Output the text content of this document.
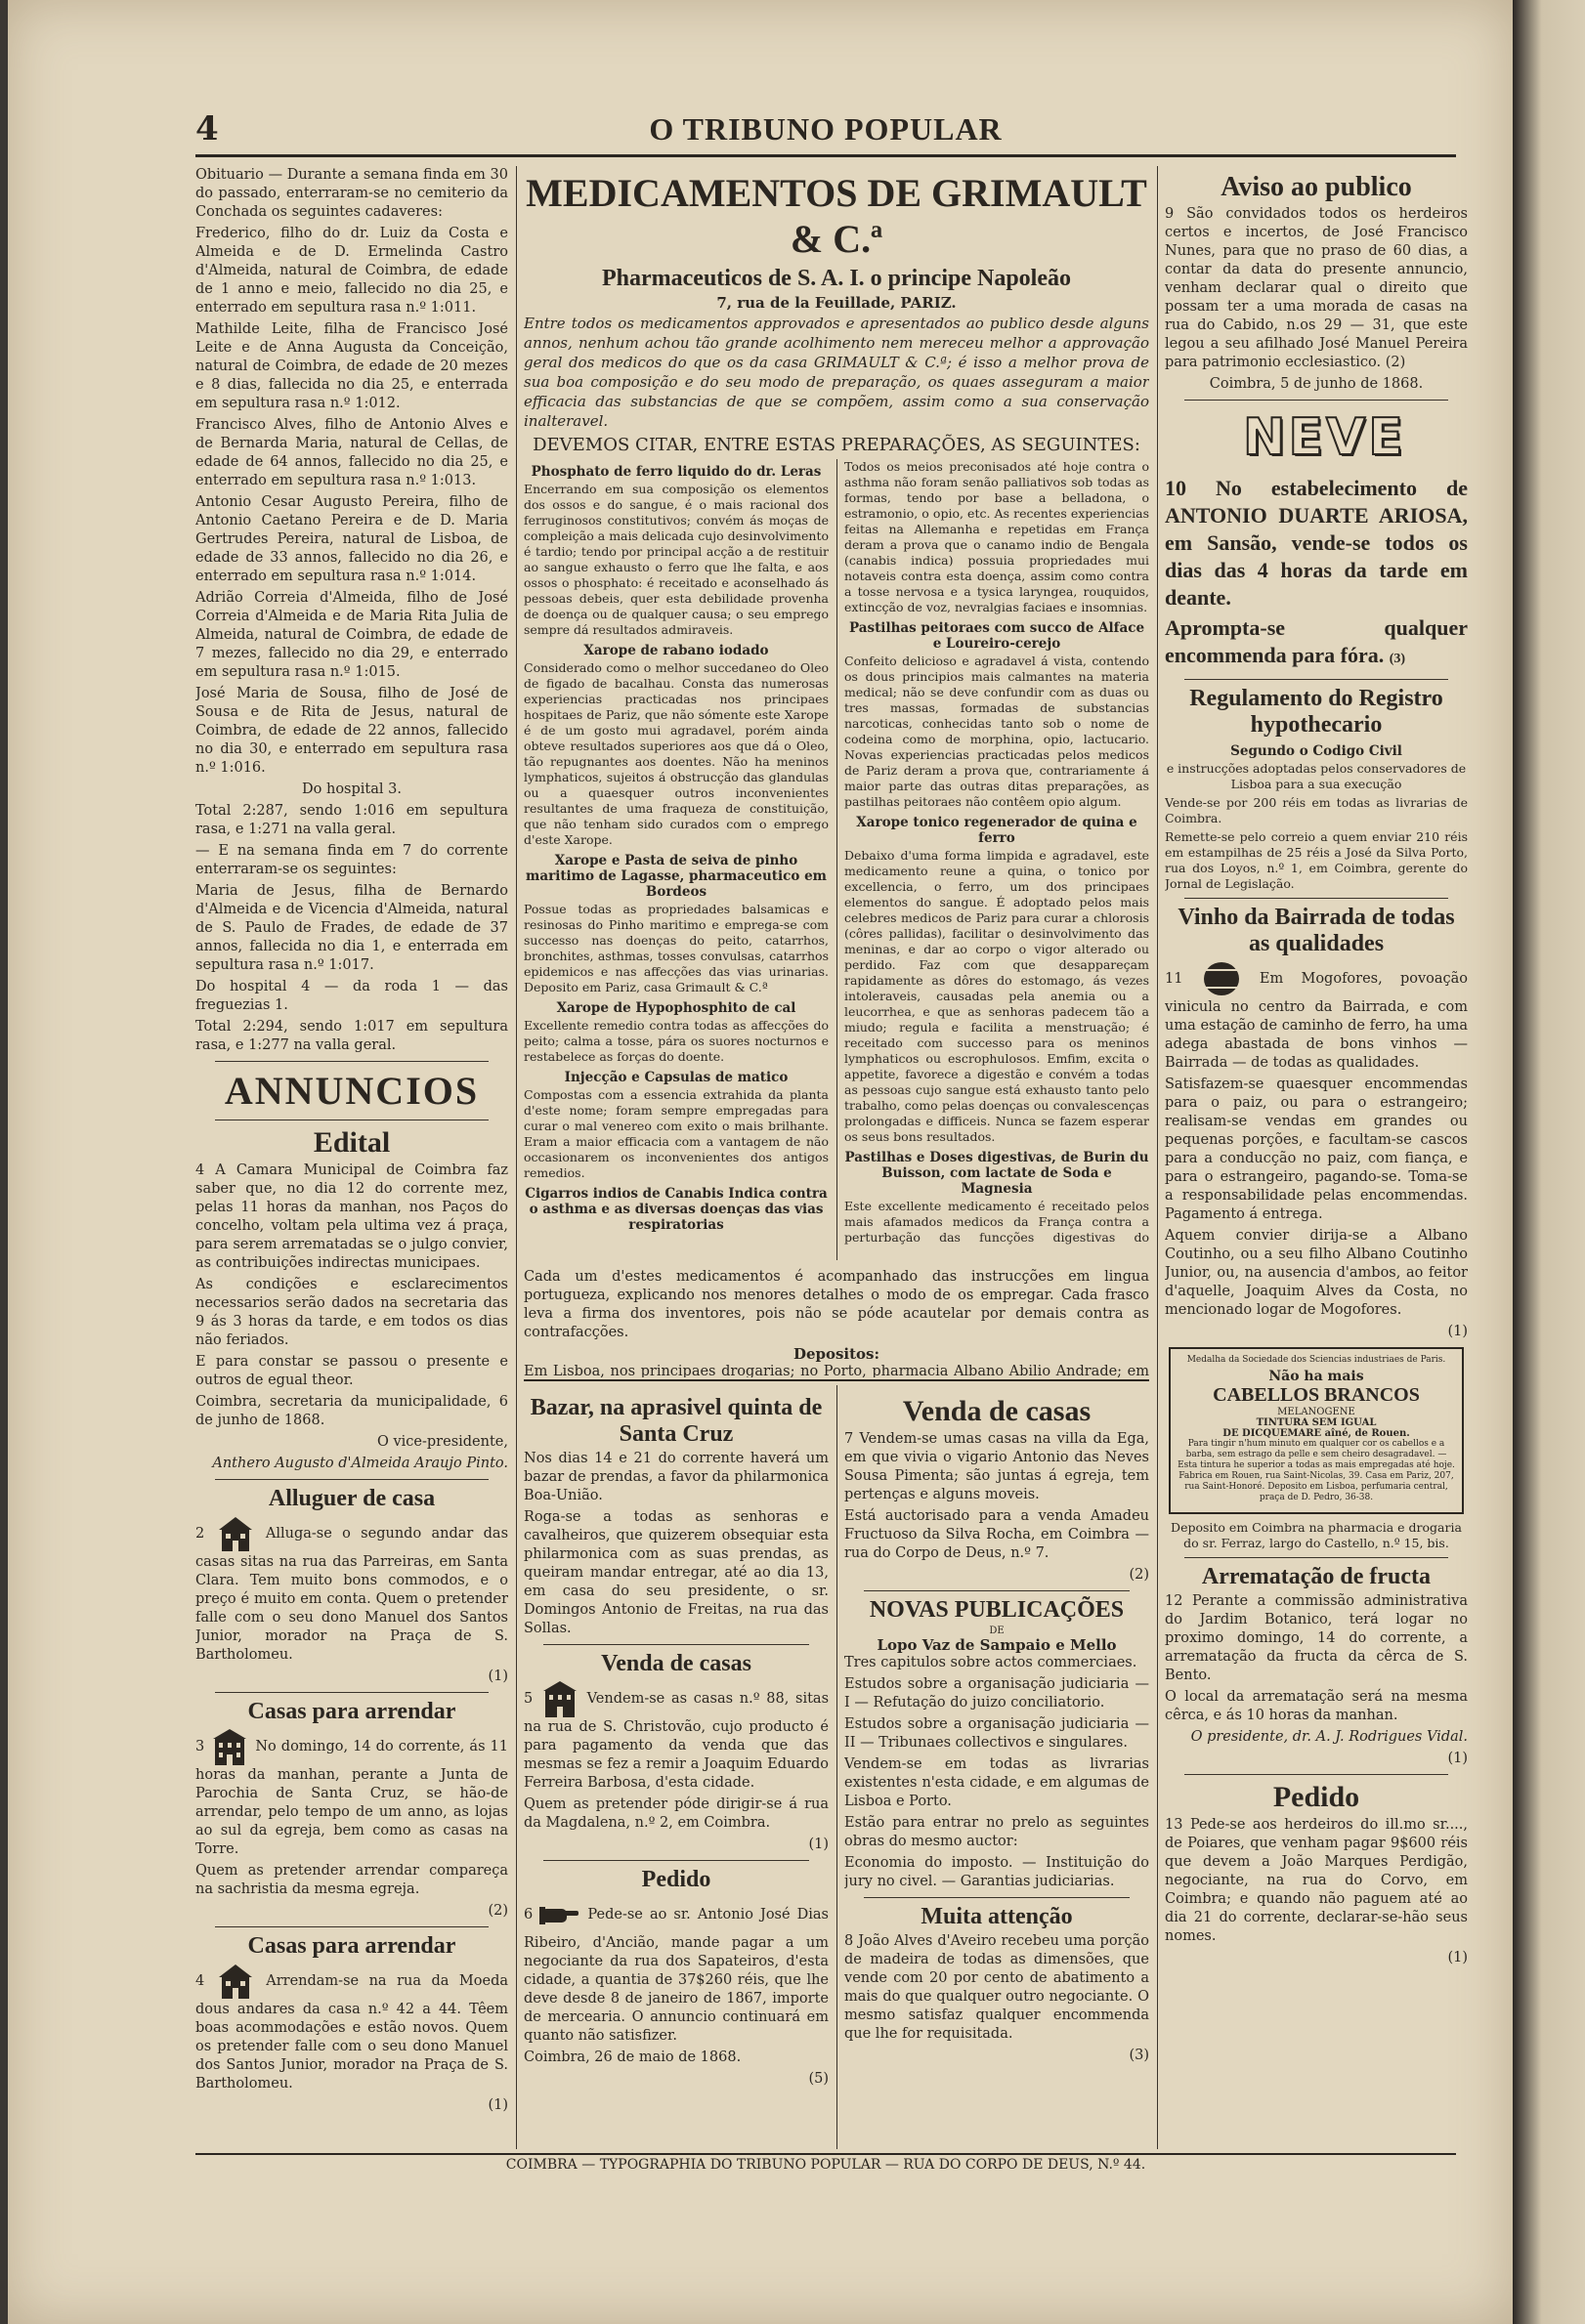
4	O TRIBUNO POPULAR

Obituario — Durante a semana finda em 30 do passado, enterraram-se no cemiterio da Conchada os seguintes cadaveres:

Frederico, filho do dr. Luiz da Costa e Almeida e de D. Ermelinda Castro d'Almeida, natural de Coimbra, de edade de 1 anno e meio, fallecido no dia 25, e enterrado em sepultura rasa n.º 1:011.

Mathilde Leite, filha de Francisco José Leite e de Anna Augusta da Conceição, natural de Coimbra, de edade de 20 mezes e 8 dias, fallecida no dia 25, e enterrada em sepultura rasa n.º 1:012.

Francisco Alves, filho de Antonio Alves e de Bernarda Maria, natural de Cellas, de edade de 64 annos, fallecido no dia 25, e enterrado em sepultura rasa n.º 1:013.

Antonio Cesar Augusto Pereira, filho de Antonio Caetano Pereira e de D. Maria Gertrudes Pereira, natural de Lisboa, de edade de 33 annos, fallecido no dia 26, e enterrado em sepultura rasa n.º 1:014.

Adrião Correia d'Almeida, filho de José Correia d'Almeida e de Maria Rita Julia de Almeida, natural de Coimbra, de edade de 7 mezes, fallecido no dia 29, e enterrado em sepultura rasa n.º 1:015.

José Maria de Sousa, filho de José de Sousa e de Rita de Jesus, natural de Coimbra, de edade de 22 annos, fallecido no dia 30, e enterrado em sepultura rasa n.º 1:016.

Do hospital 3.

Total 2:287, sendo 1:016 em sepultura rasa, e 1:271 na valla geral.

— E na semana finda em 7 do corrente enterraram-se os seguintes:

Maria de Jesus, filha de Bernardo d'Almeida e de Vicencia d'Almeida, natural de S. Paulo de Frades, de edade de 37 annos, fallecida no dia 1, e enterrada em sepultura rasa n.º 1:017.

Do hospital 4 — da roda 1 — das freguezias 1.

Total 2:294, sendo 1:017 em sepultura rasa, e 1:277 na valla geral.

ANNUNCIOS
Edital

4 A Camara Municipal de Coimbra faz saber que, no dia 12 do corrente mez, pelas 11 horas da manhan, nos Paços do concelho, voltam pela ultima vez á praça, para serem arrematadas se o julgo convier, as contribuições indirectas municipaes.

As condições e esclarecimentos necessarios serão dados na secretaria das 9 ás 3 horas da tarde, e em todos os dias não feriados.

E para constar se passou o presente e outros de egual theor.

Coimbra, secretaria da municipalidade, 6 de junho de 1868.

O vice-presidente,

Anthero Augusto d'Almeida Araujo Pinto.

Alluguer de casa

2	Alluga-se o segundo andar das casas sitas na rua das Parreiras, em Santa Clara. Tem muito bons commodos, e o preço é muito em conta. Quem o pretender falle com o seu dono Manuel dos Santos Junior, morador na Praça de S. Bartholomeu.

(1)

Casas para arrendar

3	No domingo, 14 do corrente, ás 11 horas da manhan, perante a Junta de Parochia de Santa Cruz, se hão-de arrendar, pelo tempo de um anno, as lojas ao sul da egreja, bem como as casas na Torre.

Quem as pretender arrendar compareça na sachristia da mesma egreja.

(2)

Casas para arrendar

4	Arrendam-se na rua da Moeda dous andares da casa n.º 42 a 44. Têem boas acommodações e estão novos. Quem os pretender falle com o seu dono Manuel dos Santos Junior, morador na Praça de S. Bartholomeu.

(1)

MEDICAMENTOS DE GRIMAULT & C.ª
Pharmaceuticos de S. A. I. o principe Napoleão
7, rua de la Feuillade, PARIZ.

Entre todos os medicamentos approvados e apresentados ao publico desde alguns annos, nenhum achou tão grande acolhimento nem mereceu melhor a approvação geral dos medicos do que os da casa GRIMAULT & C.ª; é isso a melhor prova de sua boa composição e do seu modo de preparação, os quaes asseguram a maior efficacia das substancias de que se compõem, assim como a sua conservação inalteravel.

DEVEMOS CITAR, ENTRE ESTAS PREPARAÇÕES, AS SEGUINTES:
Phosphato de ferro liquido do dr. Leras

Encerrando em sua composição os elementos dos ossos e do sangue, é o mais racional dos ferruginosos constitutivos; convém ás moças de compleição a mais delicada cujo desinvolvimento é tardio; tendo por principal acção a de restituir ao sangue exhausto o ferro que lhe falta, e aos ossos o phosphato: é receitado e aconselhado ás pessoas debeis, quer esta debilidade provenha de doença ou de qualquer causa; o seu emprego sempre dá resultados admiraveis.

Xarope de rabano iodado

Considerado como o melhor succedaneo do Oleo de figado de bacalhau. Consta das numerosas experiencias practicadas nos principaes hospitaes de Pariz, que não sómente este Xarope é de um gosto mui agradavel, porém ainda obteve resultados superiores aos que dá o Oleo, tão repugnantes aos doentes. Não ha meninos lymphaticos, sujeitos á obstrucção das glandulas ou a quaesquer outros inconvenientes resultantes de uma fraqueza de constituição, que não tenham sido curados com o emprego d'este Xarope.

Xarope e Pasta de seiva de pinho maritimo de Lagasse, pharmaceutico em Bordeos

Possue todas as propriedades balsamicas e resinosas do Pinho maritimo e emprega-se com successo nas doenças do peito, catarrhos, bronchites, asthmas, tosses convulsas, catarrhos epidemicos e nas affecções das vias urinarias. Deposito em Pariz, casa Grimault & C.ª

Xarope de Hypophosphito de cal

Excellente remedio contra todas as affecções do peito; calma a tosse, pára os suores nocturnos e restabelece as forças do doente.

Injecção e Capsulas de matico

Compostas com a essencia extrahida da planta d'este nome; foram sempre empregadas para curar o mal venereo com exito o mais brilhante. Eram a maior efficacia com a vantagem de não occasionarem os inconvenientes dos antigos remedios.

Cigarros indios de Canabis Indica contra o asthma e as diversas doenças das vias respiratorias

Todos os meios preconisados até hoje contra o asthma não foram senão palliativos sob todas as formas, tendo por base a belladona, o estramonio, o opio, etc. As recentes experiencias feitas na Allemanha e repetidas em França deram a prova que o canamo indio de Bengala (canabis indica) possuia propriedades mui notaveis contra esta doença, assim como contra a tosse nervosa e a tysica laryngea, rouquidos, extincção de voz, nevralgias faciaes e insomnias.

Pastilhas peitoraes com succo de Alface e Loureiro-cerejo

Confeito delicioso e agradavel á vista, contendo os dous principios mais calmantes na materia medical; não se deve confundir com as duas ou tres massas, formadas de substancias narcoticas, conhecidas tanto sob o nome de codeina como de morphina, opio, lactucario. Novas experiencias practicadas pelos medicos de Pariz deram a prova que, contrariamente á maior parte das outras ditas preparações, as pastilhas peitoraes não contêem opio algum.

Xarope tonico regenerador de quina e ferro

Debaixo d'uma forma limpida e agradavel, este medicamento reune a quina, o tonico por excellencia, o ferro, um dos principaes elementos do sangue. É adoptado pelos mais celebres medicos de Pariz para curar a chlorosis (côres pallidas), facilitar o desinvolvimento das meninas, e dar ao corpo o vigor alterado ou perdido. Faz com que desappareçam rapidamente as dôres do estomago, ás vezes intoleraveis, causadas pela anemia ou a leucorrhea, e que as senhoras padecem tão a miudo; regula e facilita a menstruação; é receitado com successo para os meninos lymphaticos ou escrophulosos. Emfim, excita o appetite, favorece a digestão e convém a todas as pessoas cujo sangue está exhausto tanto pelo trabalho, como pelas doenças ou convalescenças prolongadas e difficeis. Nunca se fazem esperar os seus bons resultados.

Pastilhas e Doses digestivas, de Burin du Buisson, com lactate de Soda e Magnesia

Este excellente medicamento é receitado pelos mais afamados medicos da França contra a perturbação das funcções digestivas do

Cada um d'estes medicamentos é acompanhado das instrucções em lingua portugueza, explicando nos menores detalhes o modo de os empregar. Cada frasco leva a firma dos inventores, pois não se póde acautelar por demais contra as contrafacções.

Depositos:

Em Lisboa, nos principaes drogarias; no Porto, pharmacia Albano Abilio Andrade; em

Bazar, na aprasivel quinta de Santa Cruz

Nos dias 14 e 21 do corrente haverá um bazar de prendas, a favor da philarmonica Boa-União.

Roga-se a todas as senhoras e cavalheiros, que quizerem obsequiar esta philarmonica com as suas prendas, as queiram mandar entregar, até ao dia 13, em casa do seu presidente, o sr. Domingos Antonio de Freitas, na rua das Sollas.

Venda de casas

5	Vendem-se as casas n.º 88, sitas na rua de S. Christovão, cujo producto é para pagamento da venda que das mesmas se fez a remir a Joaquim Eduardo Ferreira Barbosa, d'esta cidade.

Quem as pretender póde dirigir-se á rua da Magdalena, n.º 2, em Coimbra.

(1)

Pedido

6	Pede-se ao sr. Antonio José Dias Ribeiro, d'Ancião, mande pagar a um negociante da rua dos Sapateiros, d'esta cidade, a quantia de 37$260 réis, que lhe deve desde 8 de janeiro de 1867, importe de mercearia. O annuncio continuará em quanto não satisfizer.

Coimbra, 26 de maio de 1868.

(5)

Venda de casas

7 Vendem-se umas casas na villa da Ega, em que vivia o vigario Antonio das Neves Sousa Pimenta; são juntas á egreja, tem pertenças e alguns moveis.

Está auctorisado para a venda Amadeu Fructuoso da Silva Rocha, em Coimbra — rua do Corpo de Deus, n.º 7.

(2)

NOVAS PUBLICAÇÕES
DE
Lopo Vaz de Sampaio e Mello

Tres capitulos sobre actos commerciaes.

Estudos sobre a organisação judiciaria — I — Refutação do juizo conciliatorio.

Estudos sobre a organisação judiciaria — II — Tribunaes collectivos e singulares.

Vendem-se em todas as livrarias existentes n'esta cidade, e em algumas de Lisboa e Porto.

Estão para entrar no prelo as seguintes obras do mesmo auctor:

Economia do imposto. — Instituição do jury no civel. — Garantias judiciarias.

Muita attenção

8 João Alves d'Aveiro recebeu uma porção de madeira de todas as dimensões, que vende com 20 por cento de abatimento a mais do que qualquer outro negociante. O mesmo satisfaz qualquer encommenda que lhe for requisitada.

(3)

Aviso ao publico

9 São convidados todos os herdeiros certos e incertos, de José Francisco Nunes, para que no praso de 60 dias, a contar da data do presente annuncio, venham declarar qual o direito que possam ter a uma morada de casas na rua do Cabido, n.os 29 — 31, que este legou a seu afilhado José Manuel Pereira para patrimonio ecclesiastico. (2)

Coimbra, 5 de junho de 1868.

NEVE

10 No estabelecimento de ANTONIO DUARTE ARIOSA, em Sansão, vende-se todos os dias das 4 horas da tarde em deante.

Apromptа-se qualquer encommenda para fóra. (3)

Regulamento do Registro hypothecario
Segundo o Codigo Civil

e instrucções adoptadas pelos conservadores de Lisboa para a sua execução

Vende-se por 200 réis em todas as livrarias de Coimbra.

Remette-se pelo correio a quem enviar 210 réis em estampilhas de 25 réis a José da Silva Porto, rua dos Loyos, n.º 1, em Coimbra, gerente do Jornal de Legislação.

Vinho da Bairrada de todas as qualidades

11	Em Mogofores, povoação vinicula no centro da Bairrada, e com uma estação de caminho de ferro, ha uma adega abastada de bons vinhos — Bairrada — de todas as qualidades.

Satisfazem-se quaesquer encommendas para o paiz, ou para o estrangeiro; realisam-se vendas em grandes ou pequenas porções, e facultam-se cascos para a conducção no paiz, com fiança, e para o estrangeiro, pagando-se. Toma-se a responsabilidade pelas encommendas. Pagamento á entrega.

Aquem convier dirija-se a Albano Coutinho, ou a seu filho Albano Coutinho Junior, ou, na ausencia d'ambos, ao feitor d'aquelle, Joaquim Alves da Costa, no mencionado logar de Mogofores.

(1)

Medalha da Sociedade dos Sciencias industriaes de Paris.

Não ha mais
CABELLOS BRANCOS
MELANOGENE
TINTURA SEM IGUAL
DE DICQUEMARE aîné, de Rouen.

Para tingir n'hum minuto em qualquer cor os cabellos e a barba, sem estrago da pelle e sem cheiro desagradavel. — Esta tintura he superior a todas as mais empregadas até hoje. Fabrica em Rouen, rua Saint-Nicolas, 39. Casa em Pariz, 207, rua Saint-Honoré. Deposito em Lisboa, perfumaria central, praça de D. Pedro, 36-38.

Deposito em Coimbra na pharmacia e drogaria do sr. Ferraz, largo do Castello, n.º 15, bis.

Arrematação de fructa

12 Perante a commissão administrativa do Jardim Botanico, terá logar no proximo domingo, 14 do corrente, a arrematação da fructa da cêrca de S. Bento.

O local da arrematação será na mesma cêrca, e ás 10 horas da manhan.

O presidente, dr. A. J. Rodrigues Vidal.

(1)

Pedido

13 Pede-se aos herdeiros do ill.mo sr...., de Poiares, que venham pagar 9$600 réis que devem a João Marques Perdigão, negociante, na rua do Corvo, em Coimbra; e quando não paguem até ao dia 21 do corrente, declarar-se-hão seus nomes.

(1)

COIMBRA — TYPOGRAPHIA DO TRIBUNO POPULAR — RUA DO CORPO DE DEUS, N.º 44.
